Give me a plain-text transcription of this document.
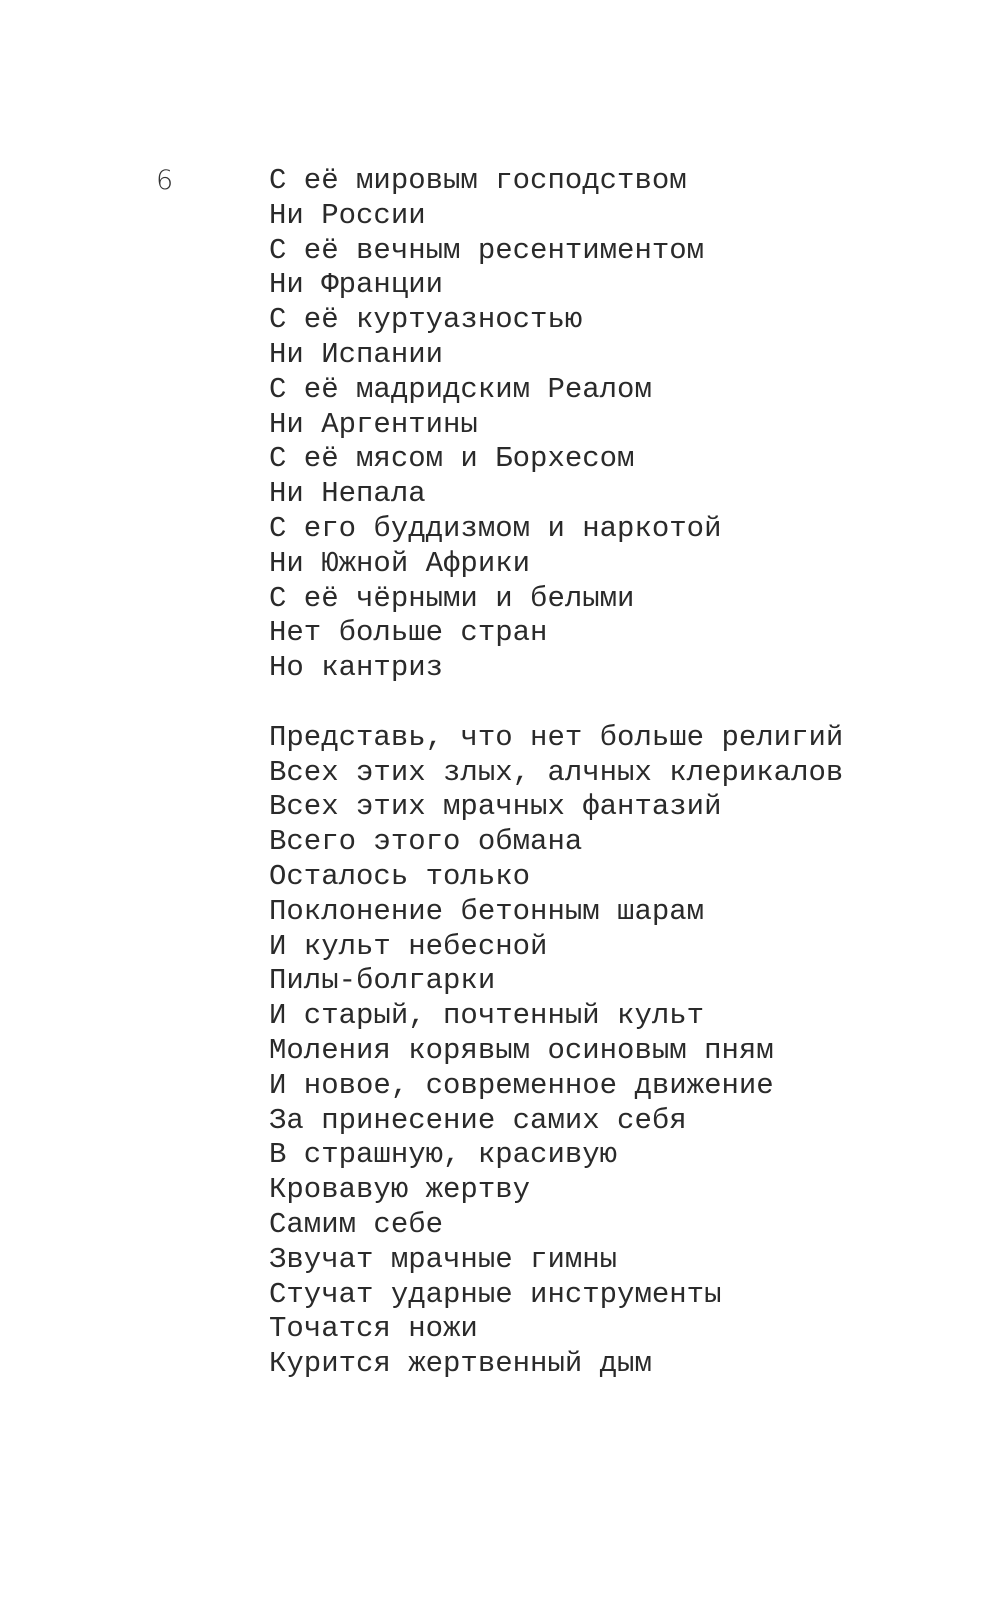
6	С её мировым господством
Ни России
С её вечным ресентиментом
Ни Франции
С её куртуазностью
Ни Испании
С её мадридским Реалом
Ни Аргентины
С её мясом и Борхесом
Ни Непала
С его буддизмом и наркотой
Ни Южной Африки
С её чёрными и белыми
Нет больше стран
Но кантриз
Представь, что нет больше религий
Всех этих злых, алчных клерикалов
Всех этих мрачных фантазий
Всего этого обмана
Осталось только
Поклонение бетонным шарам
И культ небесной
Пилы-болгарки
И старый, почтенный культ
Моления корявым осиновым пням
И новое, современное движение
За принесение самих себя
В страшную, красивую
Кровавую жертву
Самим себе
Звучат мрачные гимны
Стучат ударные инструменты
Точатся ножи
Курится жертвенный дым
